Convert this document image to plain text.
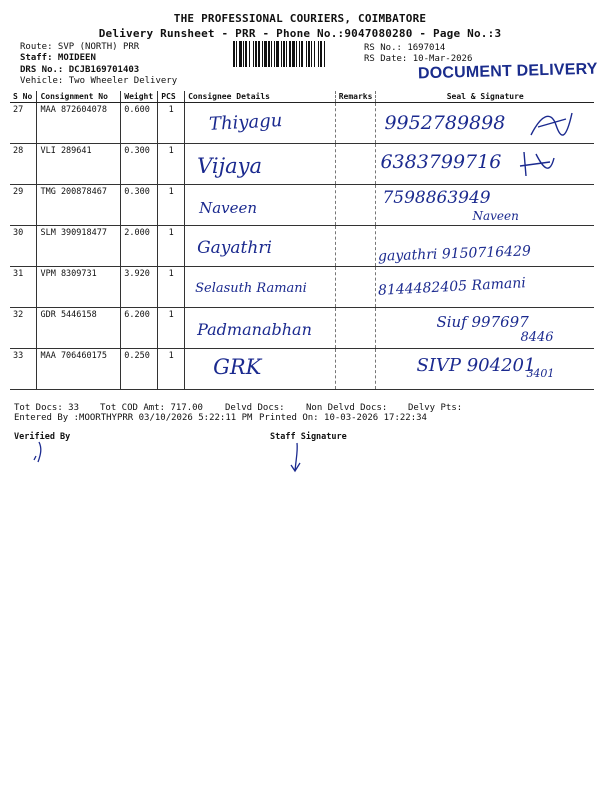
THE PROFESSIONAL COURIERS, COIMBATORE
Delivery Runsheet - PRR - Phone No.:9047080280 - Page No.:3
Route: SVP (NORTH) PRR
Staff: MOIDEEN
DRS No.: DCJB169701403
Vehicle: Two Wheeler Delivery
RS No.: 1697014
RS Date: 10-Mar-2026
DOCUMENT DELIVERY
S No	Consignment No	Weight	PCS	Consignee Details	Remarks	Seal & Signature
27	MAA 872604078	0.600	1	Thiyagu		9952789898

28	VLI 289641	0.300	1	Vijaya		6383799716

29	TMG 200878467	0.300	1	Naveen		7598863949
Naveen

30	SLM 390918477	2.000	1	Gayathri		gayathri 9150716429

31	VPM 8309731	3.920	1	Selasuth Ramani		8144482405 Ramani

32	GDR 5446158	6.200	1	Padmanabhan		Siuf 997697
8446

33	MAA 706460175	0.250	1	GRK		SIVP 904201
3401
Tot Docs: 33 Tot COD Amt: 717.00 Delvd Docs: Non Delvd Docs: Delvy Pts:
Entered By :MOORTHYPRR 03/10/2026 5:22:11 PM Printed On: 10-03-2026 17:22:34
Verified By	Staff Signature
